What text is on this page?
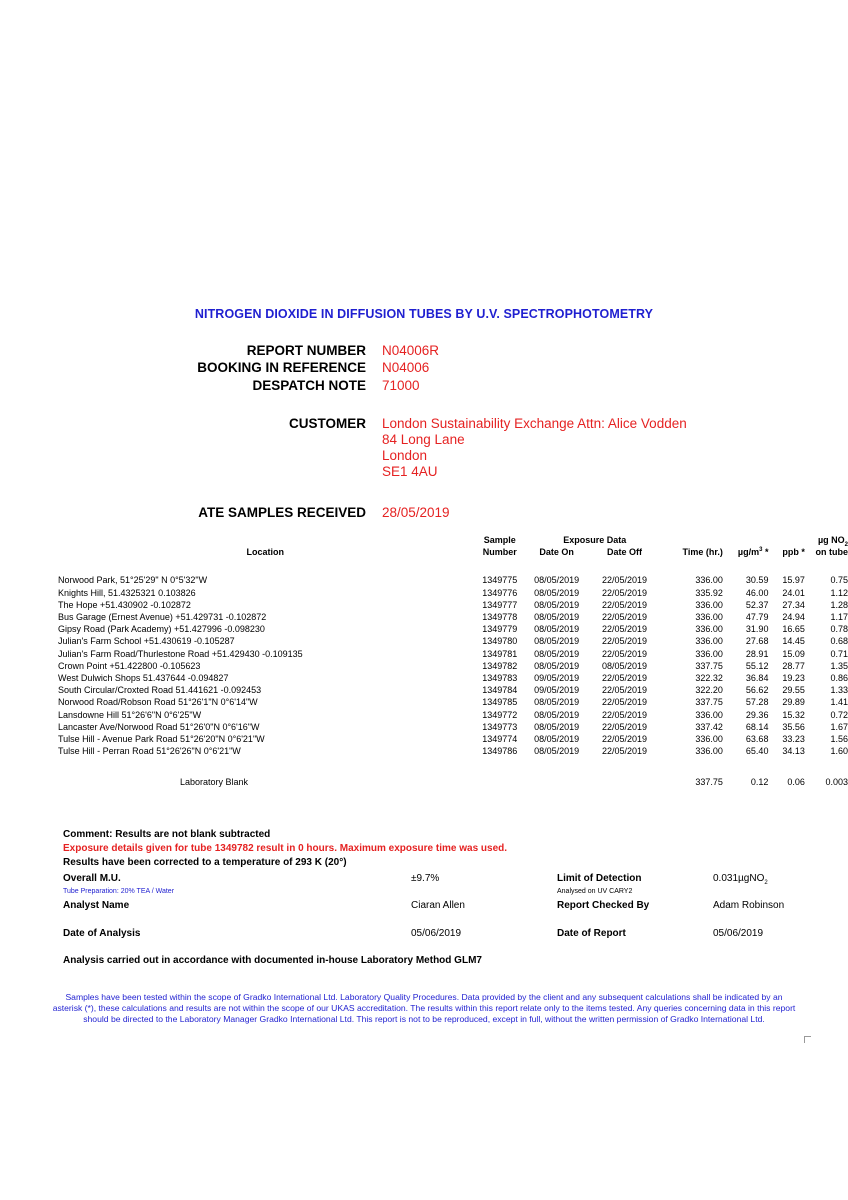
NITROGEN DIOXIDE IN DIFFUSION TUBES BY U.V. SPECTROPHOTOMETRY
REPORT NUMBER N04006R
BOOKING IN REFERENCE N04006
DESPATCH NOTE 71000
CUSTOMER London Sustainability Exchange Attn: Alice Vodden
84 Long Lane
London
SE1 4AU
ATE SAMPLES RECEIVED 28/05/2019
	Sample	Exposure Data					µg $NO_2$
Location	Number	Date On	Date Off	Time (hr.)	$\mu g/m^3$ *	ppb *	on tube

Norwood Park, 51°25'29" N 0°5'32"W	1349775	08/05/2019	22/05/2019	336.00	30.59	15.97	0.75
Knights Hill, 51.4325321 0.103826	1349776	08/05/2019	22/05/2019	335.92	46.00	24.01	1.12
The Hope +51.430902 -0.102872	1349777	08/05/2019	22/05/2019	336.00	52.37	27.34	1.28
Bus Garage (Ernest Avenue) +51.429731 -0.102872	1349778	08/05/2019	22/05/2019	336.00	47.79	24.94	1.17
Gipsy Road (Park Academy) +51.427996 -0.098230	1349779	08/05/2019	22/05/2019	336.00	31.90	16.65	0.78
Julian's Farm School +51.430619 -0.105287	1349780	08/05/2019	22/05/2019	336.00	27.68	14.45	0.68
Julian's Farm Road/Thurlestone Road +51.429430 -0.109135	1349781	08/05/2019	22/05/2019	336.00	28.91	15.09	0.71
Crown Point +51.422800 -0.105623	1349782	08/05/2019	08/05/2019	337.75	55.12	28.77	1.35
West Dulwich Shops 51.437644 -0.094827	1349783	09/05/2019	22/05/2019	322.32	36.84	19.23	0.86
South Circular/Croxted Road 51.441621 -0.092453	1349784	09/05/2019	22/05/2019	322.20	56.62	29.55	1.33
Norwood Road/Robson Road 51°26'1"N 0°6'14"W	1349785	08/05/2019	22/05/2019	337.75	57.28	29.89	1.41
Lansdowne Hill 51°26'6"N 0°6'25"W	1349772	08/05/2019	22/05/2019	336.00	29.36	15.32	0.72
Lancaster Ave/Norwood Road 51°26'0"N 0°6'16"W	1349773	08/05/2019	22/05/2019	337.42	68.14	35.56	1.67
Tulse Hill - Avenue Park Road 51°26'20"N 0°6'21"W	1349774	08/05/2019	22/05/2019	336.00	63.68	33.23	1.56
Tulse Hill - Perran Road 51°26'26"N 0°6'21"W	1349786	08/05/2019	22/05/2019	336.00	65.40	34.13	1.60

Laboratory Blank				337.75	0.12	0.06	0.003
Comment: Results are not blank subtracted
Exposure details given for tube 1349782 result in 0 hours. Maximum exposure time was used.
Results have been corrected to a temperature of 293 K (20°)
Overall M.U.	±9.7%	Limit of Detection	0.031µgNO$_2$
Tube Preparation: 20% TEA / Water	Analysed on UV CARY2
Analyst Name	Ciaran Allen	Report Checked By	Adam Robinson
Date of Analysis	05/06/2019	Date of Report	05/06/2019
Analysis carried out in accordance with documented in-house Laboratory Method GLM7
Samples have been tested within the scope of Gradko International Ltd. Laboratory Quality Procedures. Data provided by the client and any subsequent calculations shall be indicated by an asterisk (*), these calculations and results are not within the scope of our UKAS accreditation. The results within this report relate only to the items tested. Any queries concerning data in this report should be directed to the Laboratory Manager Gradko International Ltd. This report is not to be reproduced, except in full, without the written permission of Gradko International Ltd.
